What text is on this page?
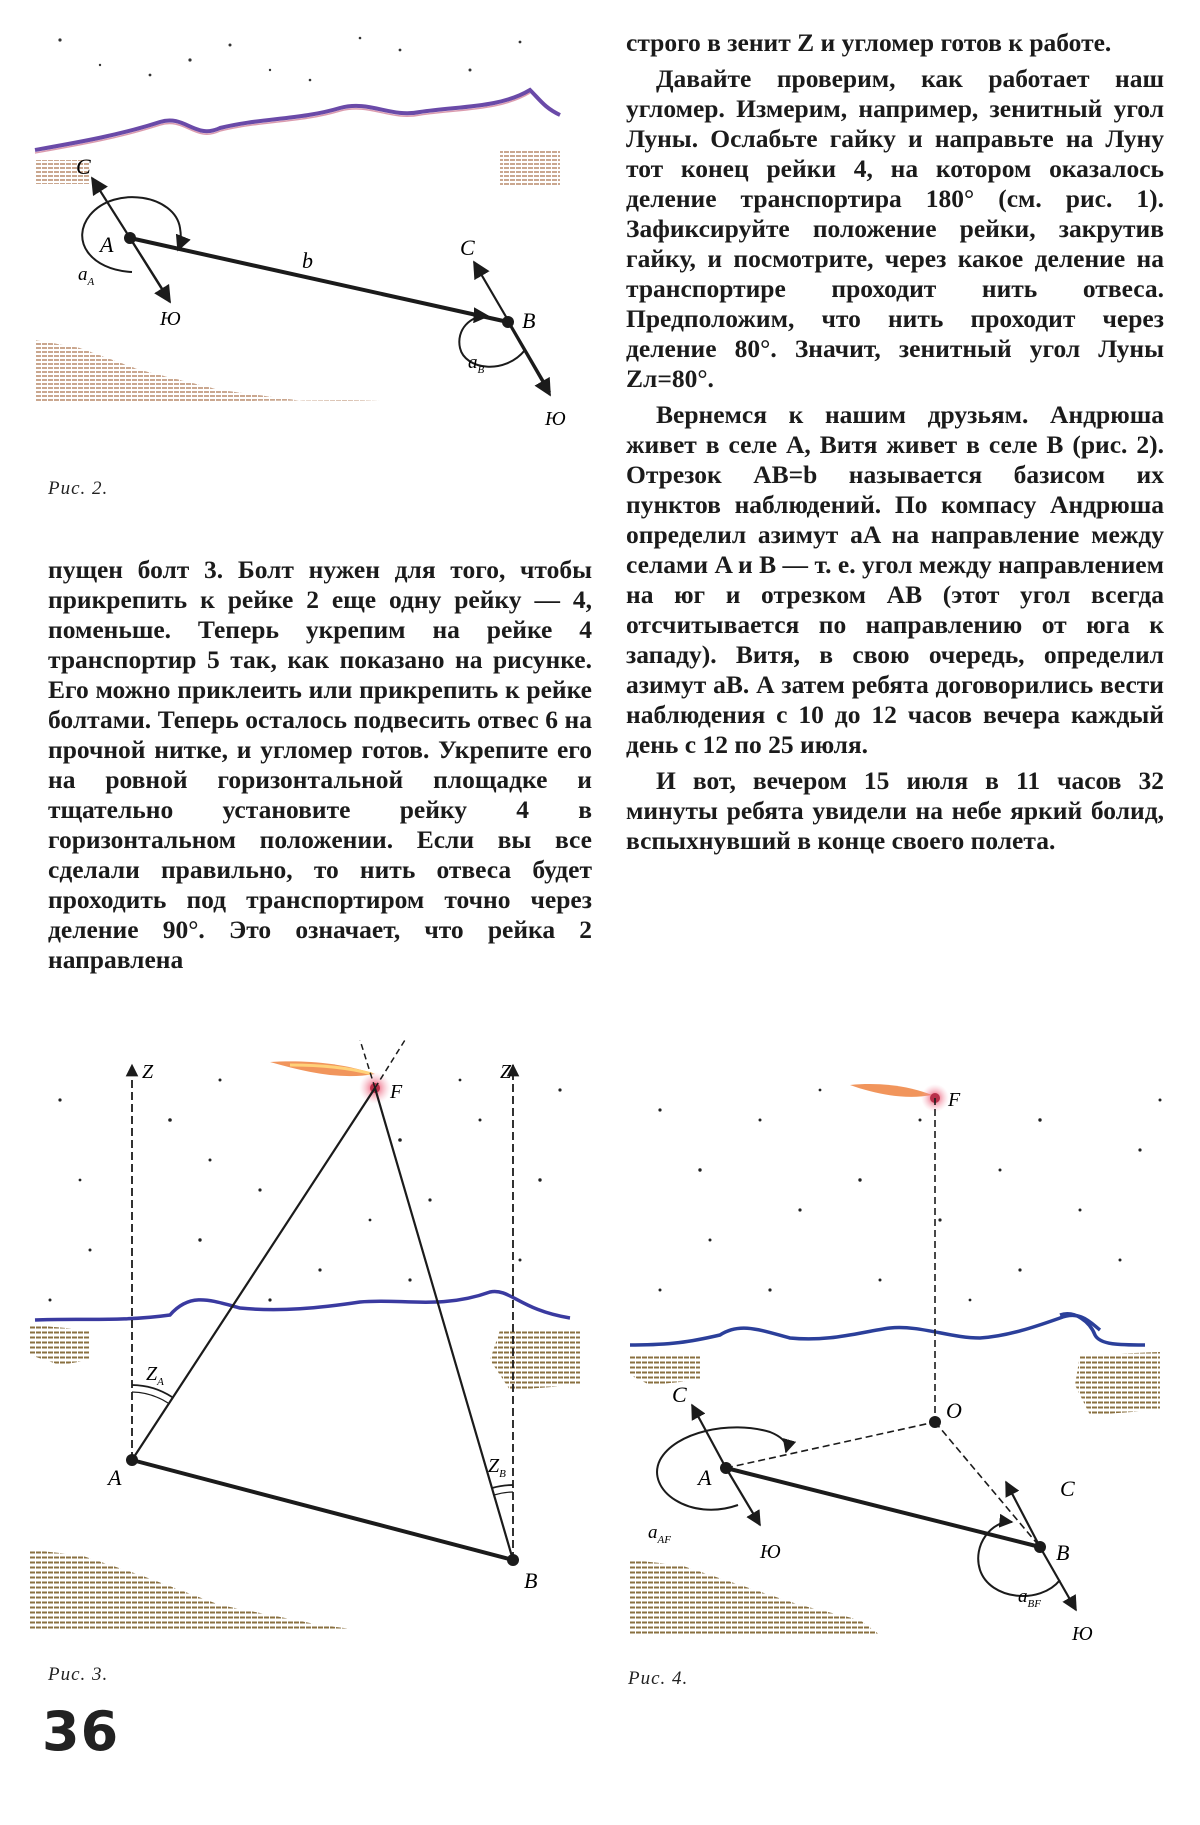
C
A
$a_A$
Ю
b
C
B
$a_B$
Ю
Рис. 2.

строго в зенит Z и угломер готов к работе.

Давайте проверим, как работает наш угломер. Измерим, например, зенитный угол Луны. Ослабьте гайку и направьте на Луну тот конец рейки 4, на котором оказалось деление транспортира 180° (см. рис. 1). Зафиксируйте положение рейки, закрутив гайку, и посмотрите, через какое деление на транспортире проходит нить отвеса. Предположим, что нить проходит через деление 80°. Значит, зенитный угол Луны Zл=80°.

Вернемся к нашим друзьям. Андрюша живет в селе A, Витя живет в селе B (рис. 2). Отрезок AB=b называется базисом их пунктов наблюдений. По компасу Андрюша определил азимут aA на направление между селами A и B — т. е. угол между направлением на юг и отрезком AB (этот угол всегда отсчитывается по направлению от юга к западу). Витя, в свою очередь, определил азимут aB. А затем ребята договорились вести наблюдения с 10 до 12 часов вечера каждый день с 12 по 25 июля.

И вот, вечером 15 июля в 11 часов 32 минуты ребята увидели на небе яркий болид, вспыхнувший в конце своего полета.

пущен болт 3. Болт нужен для того, чтобы прикрепить к рейке 2 еще одну рейку — 4, поменьше. Теперь укрепим на рейке 4 транспортир 5 так, как показано на рисунке. Его можно приклеить или прикрепить к рейке болтами. Теперь осталось подвесить отвес 6 на прочной нитке, и угломер готов. Укрепите его на ровной горизонтальной площадке и тщательно установите рейку 4 в горизонтальном положении. Если вы все сделали правильно, то нить отвеса будет проходить под транспортиром точно через деление 90°. Это означает, что рейка 2 направлена

Z	Z
F
$Z_A$
$Z_B$
A
B
Рис. 3.
F
O
C
A
$a_{AF}$
Ю
C
B
$a_{BF}$
Ю
Рис. 4.
36
